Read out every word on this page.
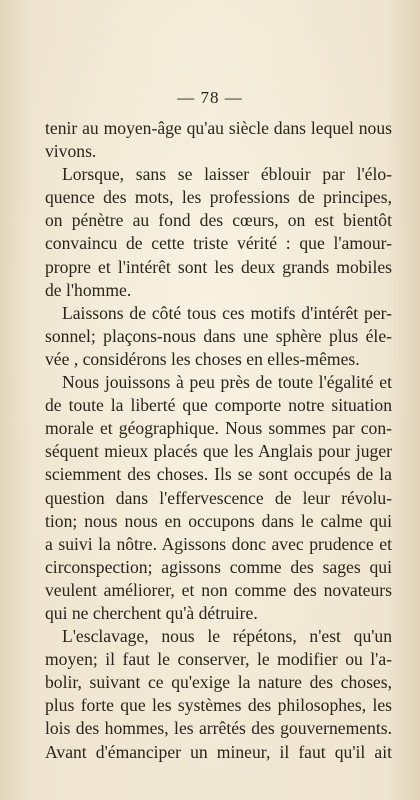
— 78 —
tenir au moyen-âge qu'au siècle dans lequel nous
vivons.
Lorsque, sans se laisser éblouir par l'élo-
quence des mots, les professions de principes,
on pénètre au fond des cœurs, on est bientôt
convaincu de cette triste vérité : que l'amour-
propre et l'intérêt sont les deux grands mobiles
de l'homme.
Laissons de côté tous ces motifs d'intérêt per-
sonnel; plaçons-nous dans une sphère plus éle-
vée , considérons les choses en elles-mêmes.
Nous jouissons à peu près de toute l'égalité et
de toute la liberté que comporte notre situation
morale et géographique. Nous sommes par con-
séquent mieux placés que les Anglais pour juger
sciemment des choses. Ils se sont occupés de la
question dans l'effervescence de leur révolu-
tion; nous nous en occupons dans le calme qui
a suivi la nôtre. Agissons donc avec prudence et
circonspection; agissons comme des sages qui
veulent améliorer, et non comme des novateurs
qui ne cherchent qu'à détruire.
L'esclavage, nous le répétons, n'est qu'un
moyen; il faut le conserver, le modifier ou l'a-
bolir, suivant ce qu'exige la nature des choses,
plus forte que les systèmes des philosophes, les
lois des hommes, les arrêtés des gouvernements.
Avant d'émanciper un mineur, il faut qu'il ait
